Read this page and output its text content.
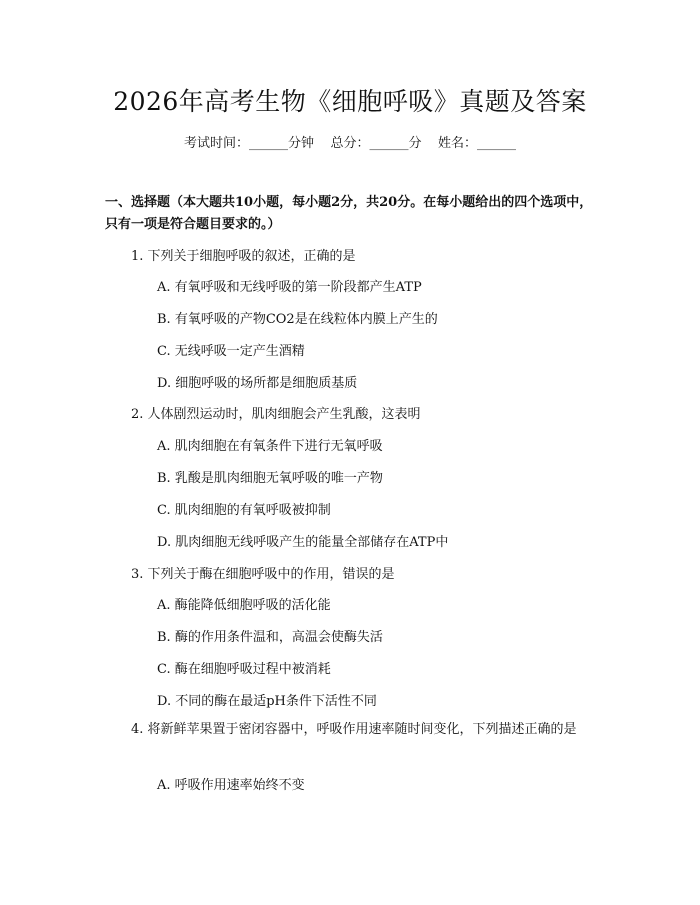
2026年高考生物《细胞呼吸》真题及答案
考试时间：______分钟    总分：______分    姓名：______
一、选择题（本大题共10小题，每小题2分，共20分。在每小题给出的四个选项中，只有一项是符合题目要求的。）
1. 下列关于细胞呼吸的叙述，正确的是
A. 有氧呼吸和无线呼吸的第一阶段都产生ATP
B. 有氧呼吸的产物CO2是在线粒体内膜上产生的
C. 无线呼吸一定产生酒精
D. 细胞呼吸的场所都是细胞质基质
2. 人体剧烈运动时，肌肉细胞会产生乳酸，这表明
A. 肌肉细胞在有氧条件下进行无氧呼吸
B. 乳酸是肌肉细胞无氧呼吸的唯一产物
C. 肌肉细胞的有氧呼吸被抑制
D. 肌肉细胞无线呼吸产生的能量全部储存在ATP中
3. 下列关于酶在细胞呼吸中的作用，错误的是
A. 酶能降低细胞呼吸的活化能
B. 酶的作用条件温和，高温会使酶失活
C. 酶在细胞呼吸过程中被消耗
D. 不同的酶在最适pH条件下活性不同
4. 将新鲜苹果置于密闭容器中，呼吸作用速率随时间变化，下列描述正确的是
A. 呼吸作用速率始终不变
